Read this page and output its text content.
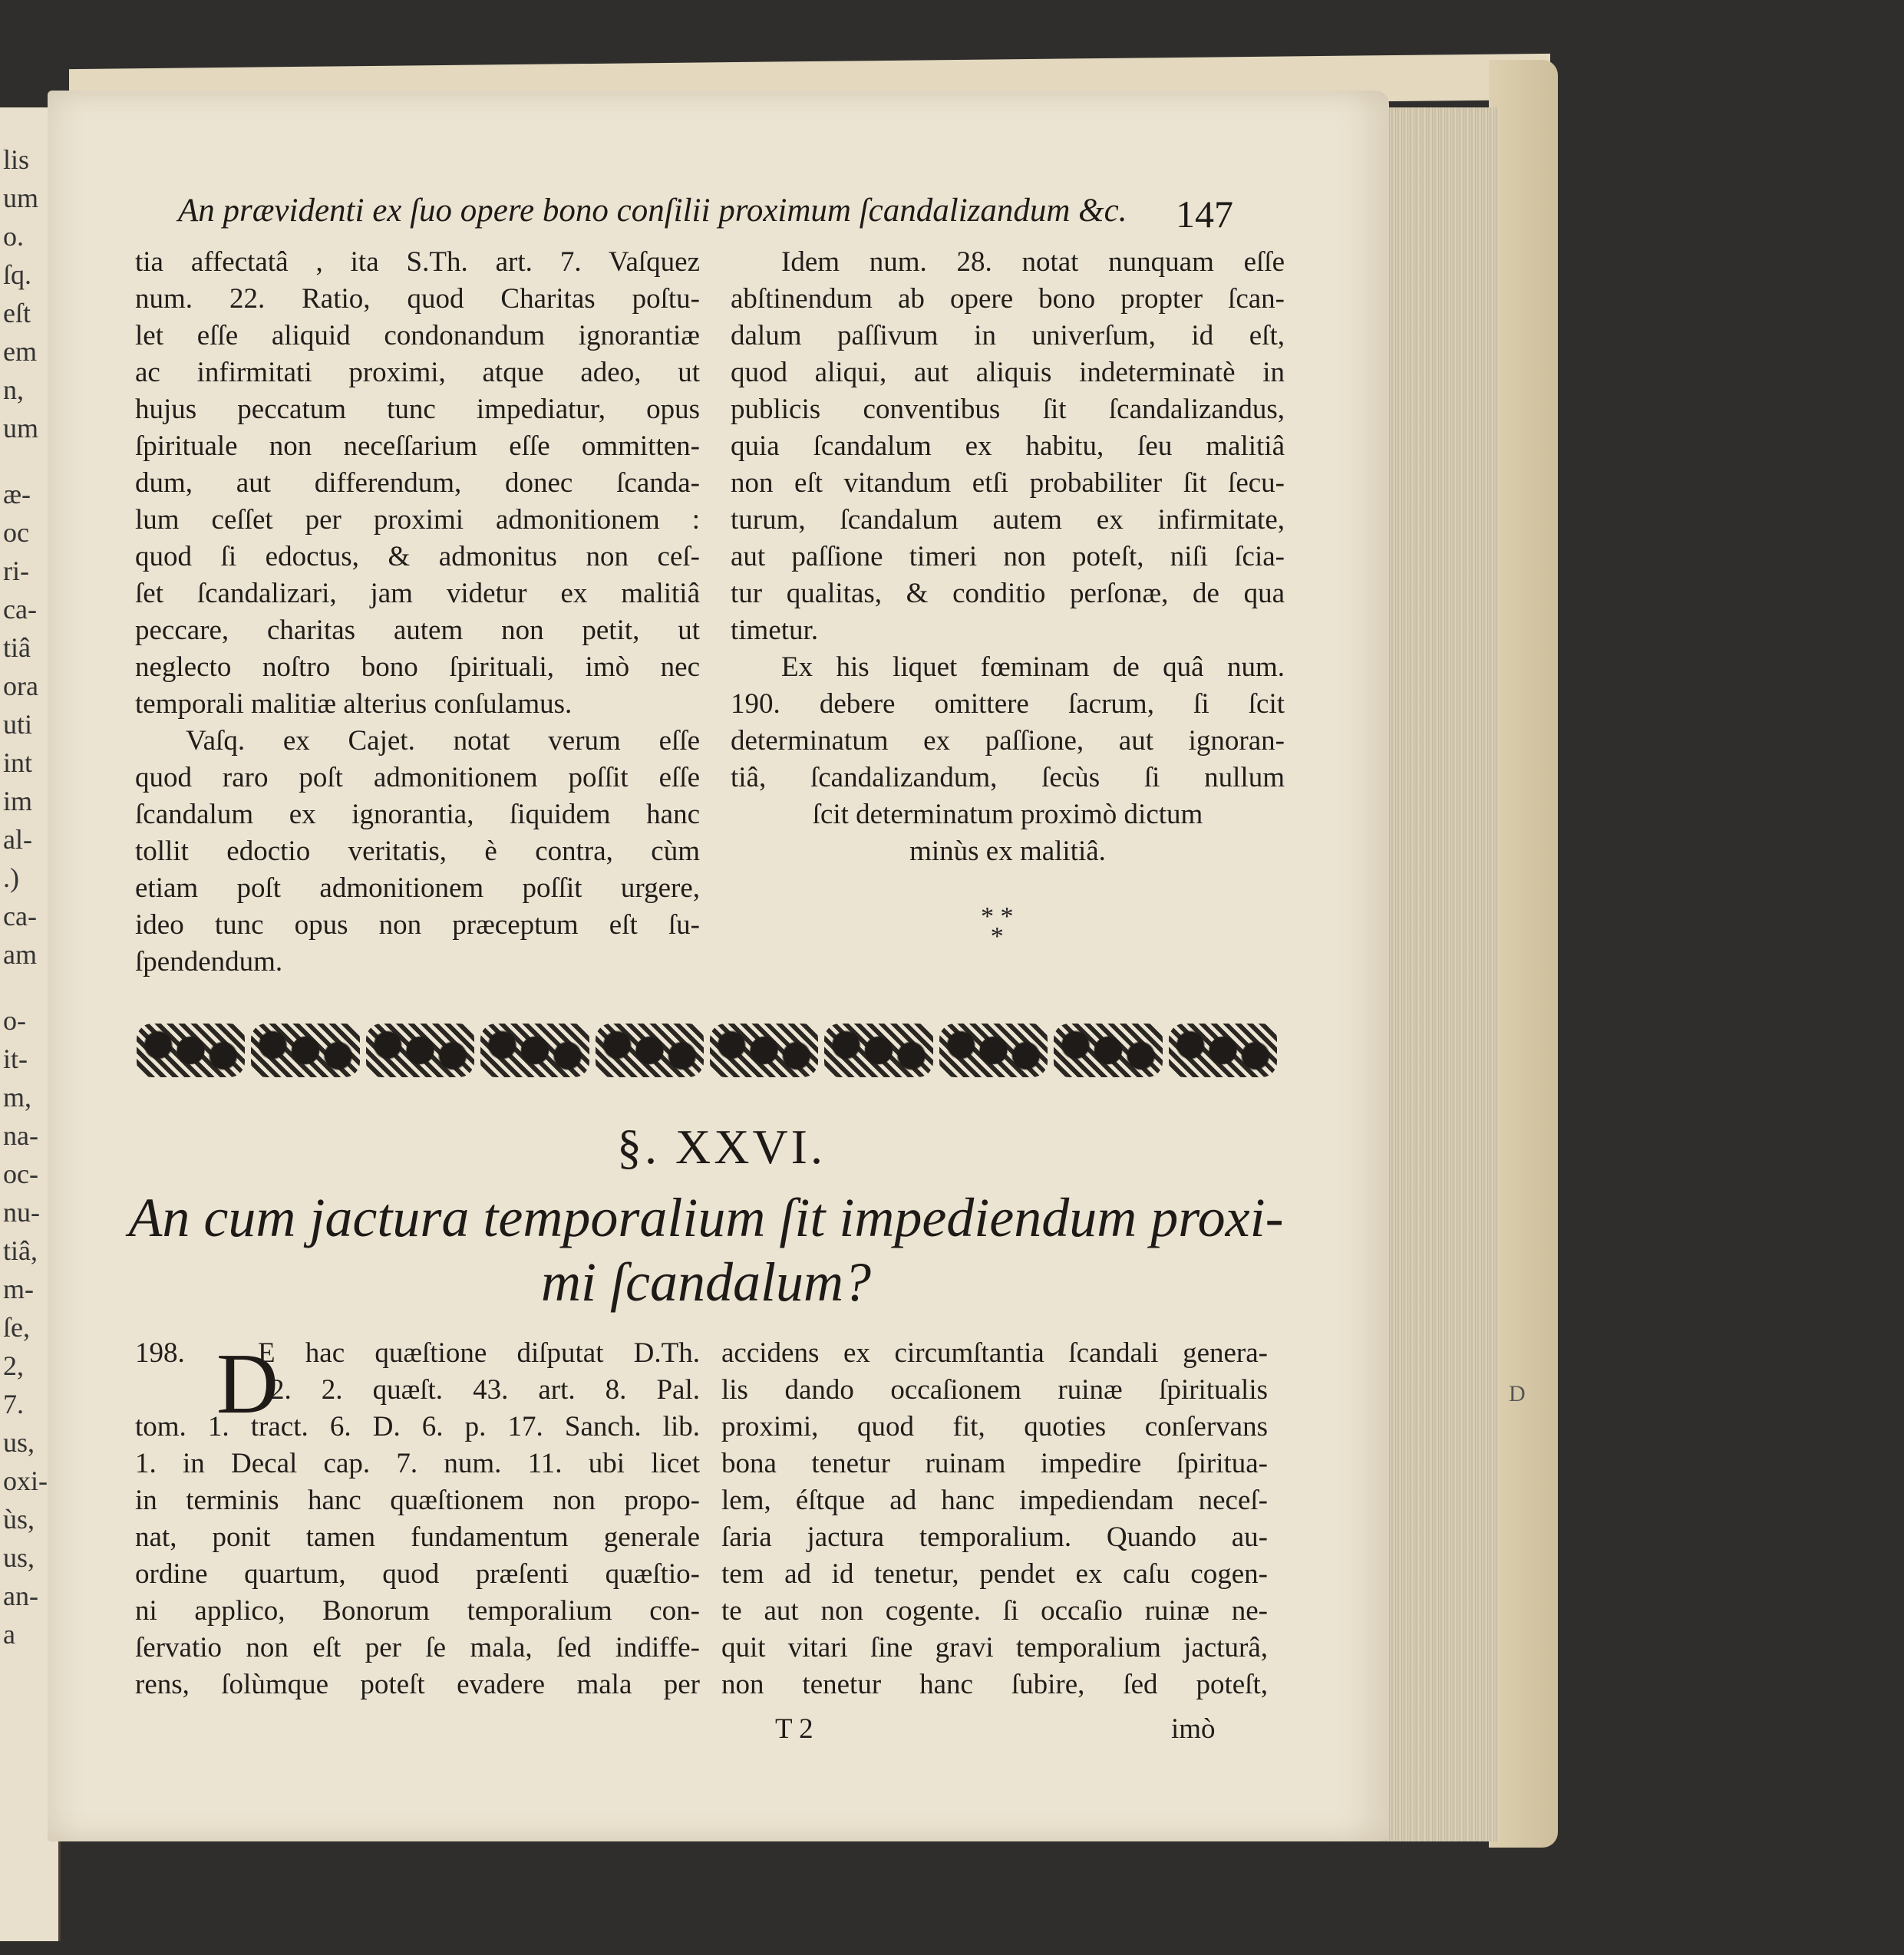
D
lis
um
o.
ſq.
eſt
em
n,
um
æ-
oc
ri-
ca-
tiâ
ora
uti
int
im
al-
.)
ca-
am
o-
it-
m,
na-
oc-
nu-
tiâ,
m-
ſe,
2,
7.
us,
oxi-
ùs,
us,
an-
a
An prævidenti ex ſuo opere bono conſilii proximum ſcandalizandum &c. 147
tia affectatâ , ita S.Th. art. 7. Vaſquez
num. 22. Ratio, quod Charitas poſtu-
let eſſe aliquid condonandum ignorantiæ
ac infirmitati proximi, atque adeo, ut
hujus peccatum tunc impediatur, opus
ſpirituale non neceſſarium eſſe ommitten-
dum, aut differendum, donec ſcanda-
lum ceſſet per proximi admonitionem :
quod ſi edoctus, & admonitus non ceſ-
ſet ſcandalizari, jam videtur ex malitiâ
peccare, charitas autem non petit, ut
neglecto noſtro bono ſpirituali, imò nec
temporali malitiæ alterius conſulamus.
Vaſq. ex Cajet. notat verum eſſe
quod raro poſt admonitionem poſſit eſſe
ſcandalum ex ignorantia, ſiquidem hanc
tollit edoctio veritatis, è contra, cùm
etiam poſt admonitionem poſſit urgere,
ideo tunc opus non præceptum eſt ſu-
ſpendendum.
Idem num. 28. notat nunquam eſſe
abſtinendum ab opere bono propter ſcan-
dalum paſſivum in univerſum, id eſt,
quod aliqui, aut aliquis indeterminatè in
publicis conventibus ſit ſcandalizandus,
quia ſcandalum ex habitu, ſeu malitiâ
non eſt vitandum etſi probabiliter ſit ſecu-
turum, ſcandalum autem ex infirmitate,
aut paſſione timeri non poteſt, niſi ſcia-
tur qualitas, & conditio perſonæ, de qua
timetur.
Ex his liquet fœminam de quâ num.
190. debere omittere ſacrum, ſi ſcit
determinatum ex paſſione, aut ignoran-
tiâ, ſcandalizandum, ſecùs ſi nullum
ſcit determinatum proximò dictum
minùs ex malitiâ.
* *
*
§. XXVI.
An cum jactura temporalium ſit impediendum proxi-
mi ſcandalum?
D
E hac quæſtione diſputat D.Th.
2. 2. quæſt. 43. art. 8. Pal.
tom. 1. tract. 6. D. 6. p. 17. Sanch. lib.
1. in Decal cap. 7. num. 11. ubi licet
in terminis hanc quæſtionem non propo-
nat, ponit tamen fundamentum generale
ordine quartum, quod præſenti quæſtio-
ni applico, Bonorum temporalium con-
ſervatio non eſt per ſe mala, ſed indiffe-
rens, ſolùmque poteſt evadere mala per
198.	accidens ex circumſtantia ſcandali genera-
lis dando occaſionem ruinæ ſpiritualis
proximi, quod fit, quoties conſervans
bona tenetur ruinam impedire ſpiritua-
lem, éſtque ad hanc impediendam neceſ-
ſaria jactura temporalium. Quando au-
tem ad id tenetur, pendet ex caſu cogen-
te aut non cogente. ſi occaſio ruinæ ne-
quit vitari ſine gravi temporalium jacturâ,
non tenetur hanc ſubire, ſed poteſt,
T 2	imò
